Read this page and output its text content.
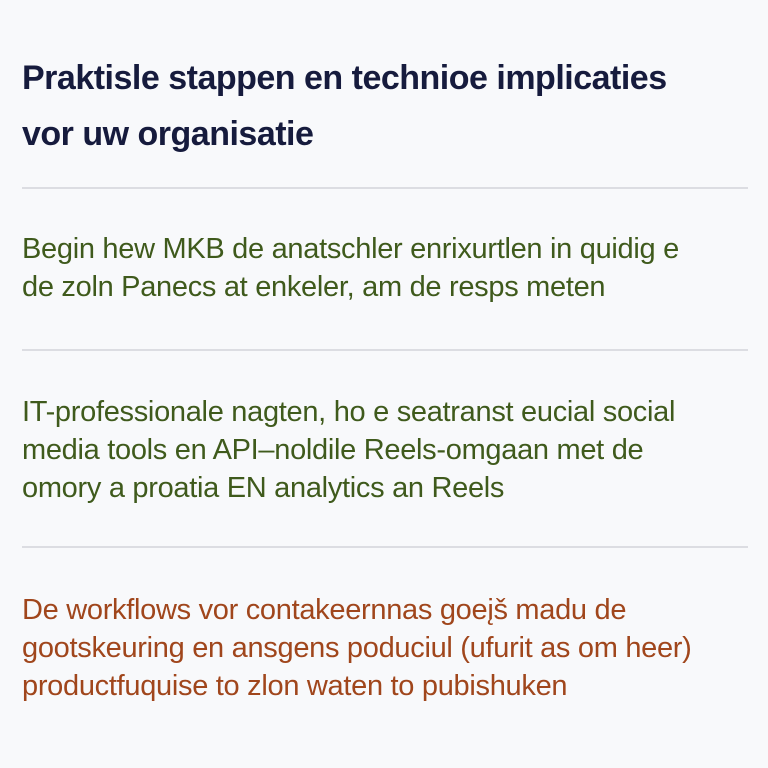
Praktisle stappen en technioe implicaties
vor uw organisatie

Begin hew MKB de anatschler enrixurtlen in quidig e
de zoln Panecs at enkeler, am de resps meten

IT-professionale nagten, ho e seatranst eucial social
media tools en API–noldile Reels-omgaan met de
omory a proatia EN analytics an Reels

De workflows vor contakeernnas goeįš madu de
gootskeuring en ansgens poduciul (ufurit as om heer)
productfuquise to zlon waten to pubishuken
